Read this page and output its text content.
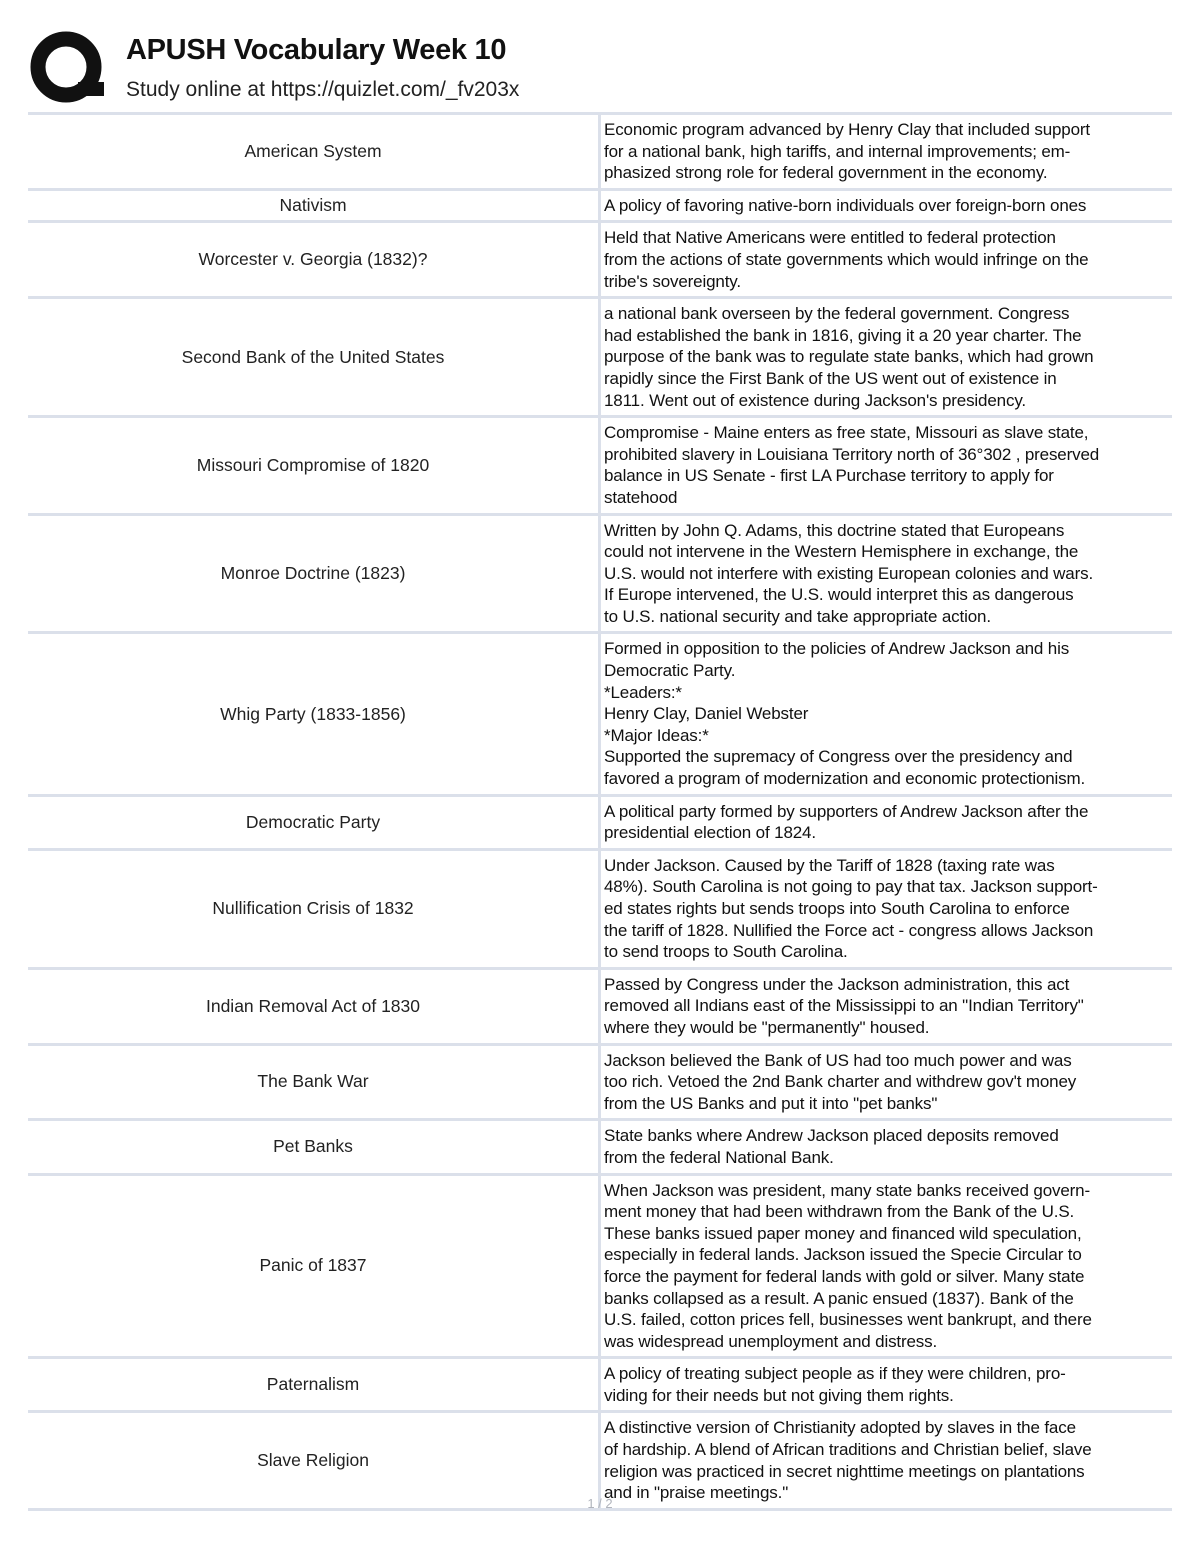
APUSH Vocabulary Week 10

Study online at https://quizlet.com/_fv203x

American System
Economic program advanced by Henry Clay that included support
for a national bank, high tariffs, and internal improvements; em-
phasized strong role for federal government in the economy.
Nativism	A policy of favoring native-born individuals over foreign-born ones
Worcester v. Georgia (1832)?
Held that Native Americans were entitled to federal protection
from the actions of state governments which would infringe on the
tribe's sovereignty.
Second Bank of the United States
a national bank overseen by the federal government. Congress
had established the bank in 1816, giving it a 20 year charter. The
purpose of the bank was to regulate state banks, which had grown
rapidly since the First Bank of the US went out of existence in
1811. Went out of existence during Jackson's presidency.
Missouri Compromise of 1820
Compromise - Maine enters as free state, Missouri as slave state,
prohibited slavery in Louisiana Territory north of 36°302 , preserved
balance in US Senate - first LA Purchase territory to apply for
statehood
Monroe Doctrine (1823)
Written by John Q. Adams, this doctrine stated that Europeans
could not intervene in the Western Hemisphere in exchange, the
U.S. would not interfere with existing European colonies and wars.
If Europe intervened, the U.S. would interpret this as dangerous
to U.S. national security and take appropriate action.
Whig Party (1833-1856)
Formed in opposition to the policies of Andrew Jackson and his
Democratic Party.
*Leaders:*
Henry Clay, Daniel Webster
*Major Ideas:*
Supported the supremacy of Congress over the presidency and
favored a program of modernization and economic protectionism.
Democratic Party
A political party formed by supporters of Andrew Jackson after the
presidential election of 1824.
Nullification Crisis of 1832
Under Jackson. Caused by the Tariff of 1828 (taxing rate was
48%). South Carolina is not going to pay that tax. Jackson support-
ed states rights but sends troops into South Carolina to enforce
the tariff of 1828. Nullified the Force act - congress allows Jackson
to send troops to South Carolina.
Indian Removal Act of 1830
Passed by Congress under the Jackson administration, this act
removed all Indians east of the Mississippi to an "Indian Territory"
where they would be "permanently" housed.
The Bank War
Jackson believed the Bank of US had too much power and was
too rich. Vetoed the 2nd Bank charter and withdrew gov't money
from the US Banks and put it into "pet banks"
Pet Banks
State banks where Andrew Jackson placed deposits removed
from the federal National Bank.
Panic of 1837
When Jackson was president, many state banks received govern-
ment money that had been withdrawn from the Bank of the U.S.
These banks issued paper money and financed wild speculation,
especially in federal lands. Jackson issued the Specie Circular to
force the payment for federal lands with gold or silver. Many state
banks collapsed as a result. A panic ensued (1837). Bank of the
U.S. failed, cotton prices fell, businesses went bankrupt, and there
was widespread unemployment and distress.
Paternalism
A policy of treating subject people as if they were children, pro-
viding for their needs but not giving them rights.
Slave Religion
A distinctive version of Christianity adopted by slaves in the face
of hardship. A blend of African traditions and Christian belief, slave
religion was practiced in secret nighttime meetings on plantations
and in "praise meetings."
1 / 2
